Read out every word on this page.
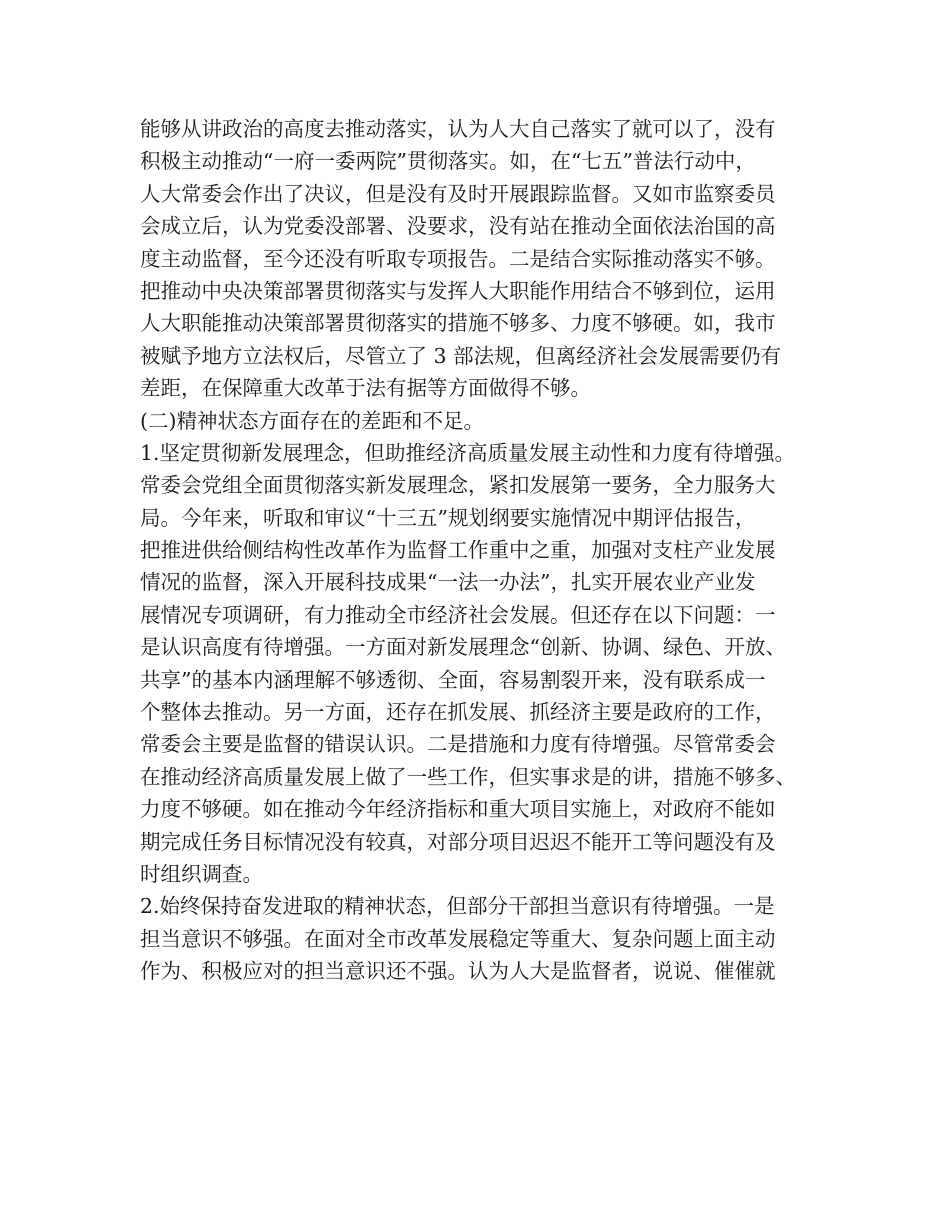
能够从讲政治的高度去推动落实，认为人大自己落实了就可以了，没有
积极主动推动“一府一委两院”贯彻落实。如，在“七五”普法行动中，
人大常委会作出了决议，但是没有及时开展跟踪监督。又如市监察委员
会成立后，认为党委没部署、没要求，没有站在推动全面依法治国的高
度主动监督，至今还没有听取专项报告。二是结合实际推动落实不够。
把推动中央决策部署贯彻落实与发挥人大职能作用结合不够到位，运用
人大职能推动决策部署贯彻落实的措施不够多、力度不够硬。如，我市
被赋予地方立法权后，尽管立了 3 部法规，但离经济社会发展需要仍有
差距，在保障重大改革于法有据等方面做得不够。
(二)精神状态方面存在的差距和不足。
1.坚定贯彻新发展理念，但助推经济高质量发展主动性和力度有待增强。
常委会党组全面贯彻落实新发展理念，紧扣发展第一要务，全力服务大
局。今年来，听取和审议“十三五”规划纲要实施情况中期评估报告，
把推进供给侧结构性改革作为监督工作重中之重，加强对支柱产业发展
情况的监督，深入开展科技成果“一法一办法”，扎实开展农业产业发
展情况专项调研，有力推动全市经济社会发展。但还存在以下问题：一
是认识高度有待增强。一方面对新发展理念“创新、协调、绿色、开放、
共享”的基本内涵理解不够透彻、全面，容易割裂开来，没有联系成一
个整体去推动。另一方面，还存在抓发展、抓经济主要是政府的工作，
常委会主要是监督的错误认识。二是措施和力度有待增强。尽管常委会
在推动经济高质量发展上做了一些工作，但实事求是的讲，措施不够多、
力度不够硬。如在推动今年经济指标和重大项目实施上，对政府不能如
期完成任务目标情况没有较真，对部分项目迟迟不能开工等问题没有及
时组织调查。
2.始终保持奋发进取的精神状态，但部分干部担当意识有待增强。一是
担当意识不够强。在面对全市改革发展稳定等重大、复杂问题上面主动
作为、积极应对的担当意识还不强。认为人大是监督者，说说、催催就
